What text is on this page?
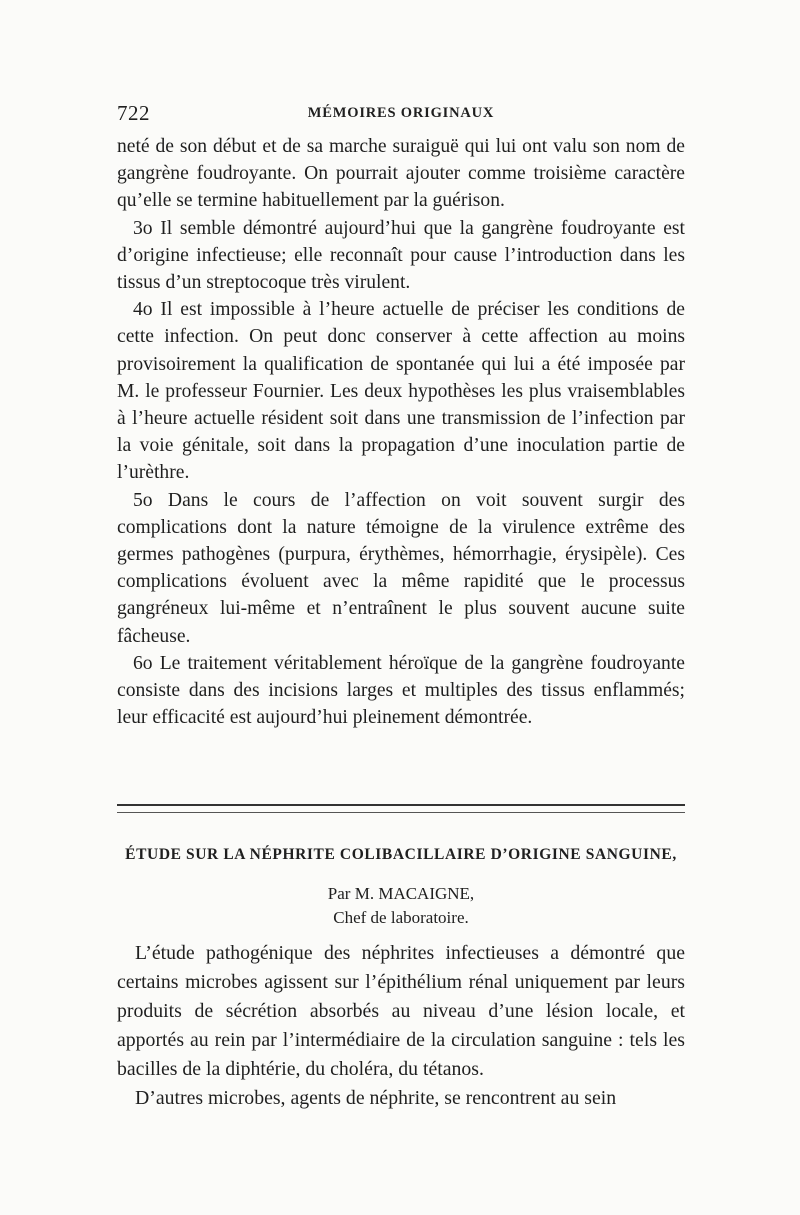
722	MÉMOIRES ORIGINAUX

neté de son début et de sa marche suraiguë qui lui ont valu son nom de gangrène foudroyante. On pourrait ajouter comme troisième caractère qu’elle se termine habituellement par la guérison.

3o Il semble démontré aujourd’hui que la gangrène foudroyante est d’origine infectieuse; elle reconnaît pour cause l’introduction dans les tissus d’un streptocoque très virulent.

4o Il est impossible à l’heure actuelle de préciser les conditions de cette infection. On peut donc conserver à cette affection au moins provisoirement la qualification de spontanée qui lui a été imposée par M. le professeur Fournier. Les deux hypothèses les plus vraisemblables à l’heure actuelle résident soit dans une transmission de l’infection par la voie génitale, soit dans la propagation d’une inoculation partie de l’urèthre.

5o Dans le cours de l’affection on voit souvent surgir des complications dont la nature témoigne de la virulence extrême des germes pathogènes (purpura, érythèmes, hémorrhagie, érysipèle). Ces complications évoluent avec la même rapidité que le processus gangréneux lui-même et n’entraînent le plus souvent aucune suite fâcheuse.

6o Le traitement véritablement héroïque de la gangrène foudroyante consiste dans des incisions larges et multiples des tissus enflammés; leur efficacité est aujourd’hui pleinement démontrée.

ÉTUDE SUR LA NÉPHRITE COLIBACILLAIRE D’ORIGINE SANGUINE,
Par M. MACAIGNE,
Chef de laboratoire.

L’étude pathogénique des néphrites infectieuses a démontré que certains microbes agissent sur l’épithélium rénal uniquement par leurs produits de sécrétion absorbés au niveau d’une lésion locale, et apportés au rein par l’intermédiaire de la circulation sanguine : tels les bacilles de la diphtérie, du choléra, du tétanos.

D’autres microbes, agents de néphrite, se rencontrent au sein
